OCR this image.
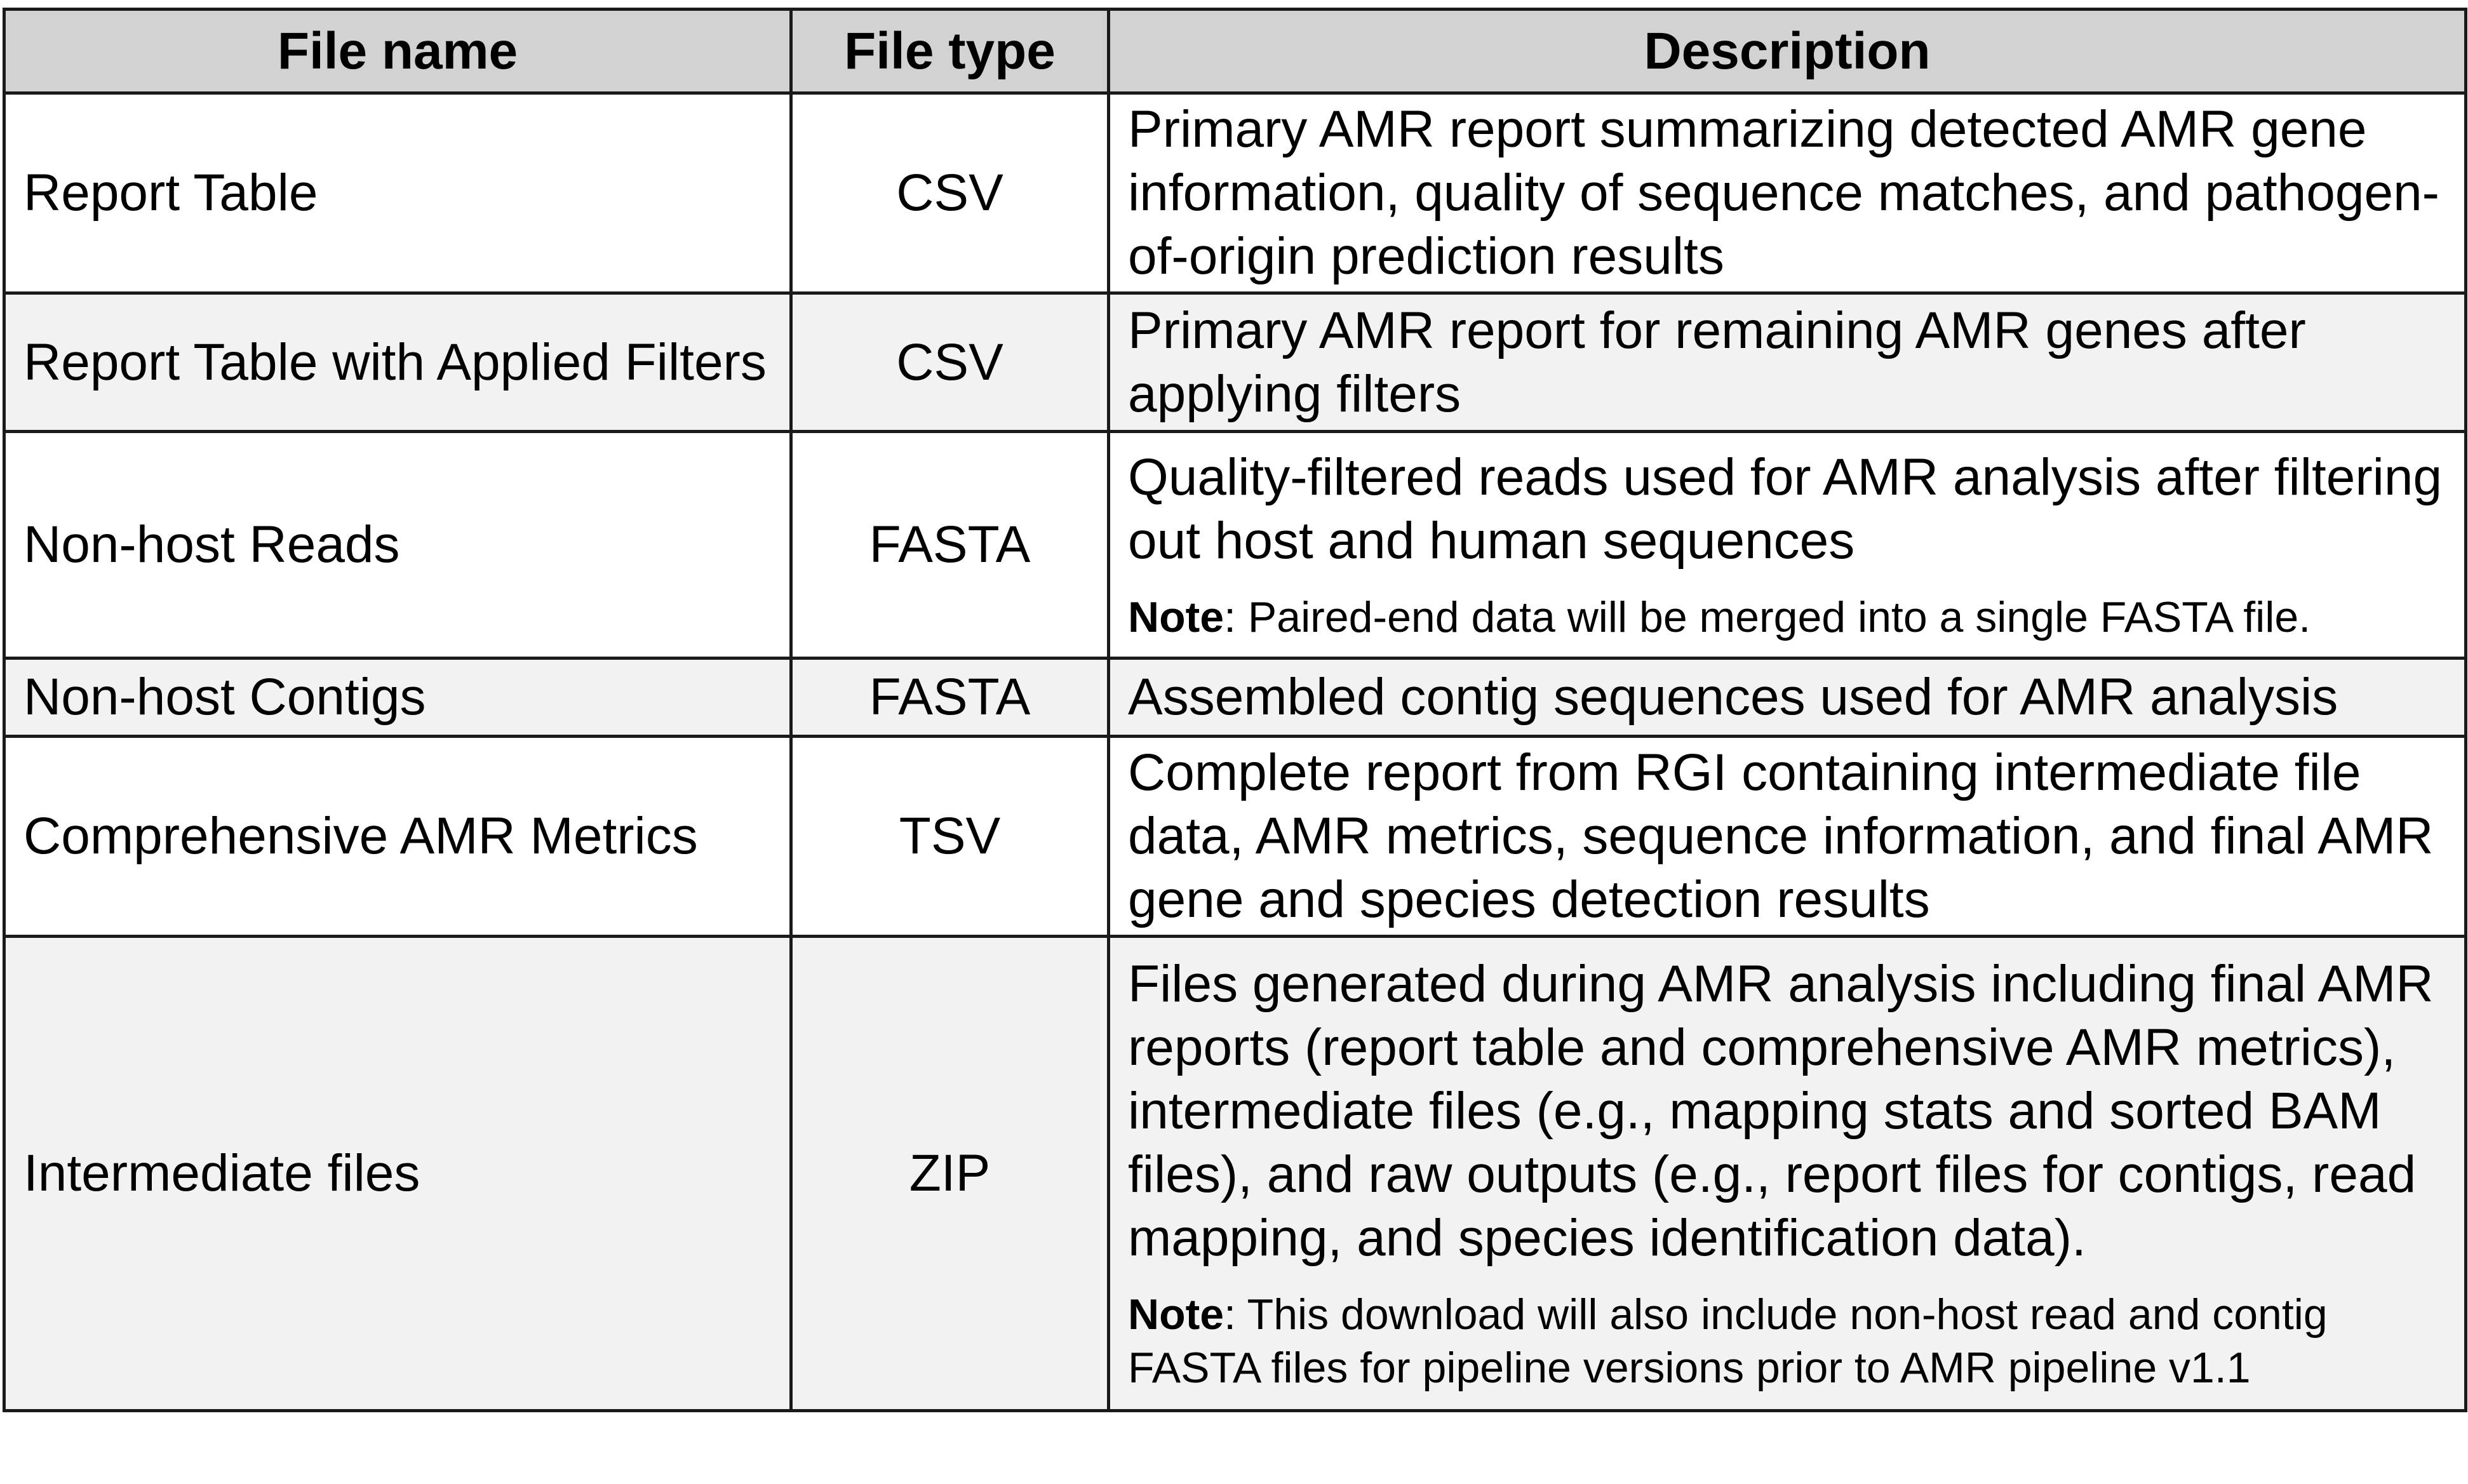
File name	File type	Description
Report Table	CSV	Primary AMR report summarizing detected AMR gene information, quality of sequence matches, and pathogen-of-origin prediction results
Report Table with Applied Filters	CSV	Primary AMR report for remaining AMR genes after applying filters
Non-host Reads	FASTA	Quality-filtered reads used for AMR analysis after filtering out host and human sequences
Note: Paired-end data will be merged into a single FASTA file.

Non-host Contigs	FASTA	Assembled contig sequences used for AMR analysis
Comprehensive AMR Metrics	TSV	Complete report from RGI containing intermediate file data, AMR metrics, sequence information, and final AMR gene and species detection results
Intermediate files	ZIP	Files generated during AMR analysis including final AMR reports (report table and comprehensive AMR metrics), intermediate files (e.g., mapping stats and sorted BAM files), and raw outputs (e.g., report files for contigs, read mapping, and species identification data).
Note: This download will also include non-host read and contig FASTA files for pipeline versions prior to AMR pipeline v1.1
